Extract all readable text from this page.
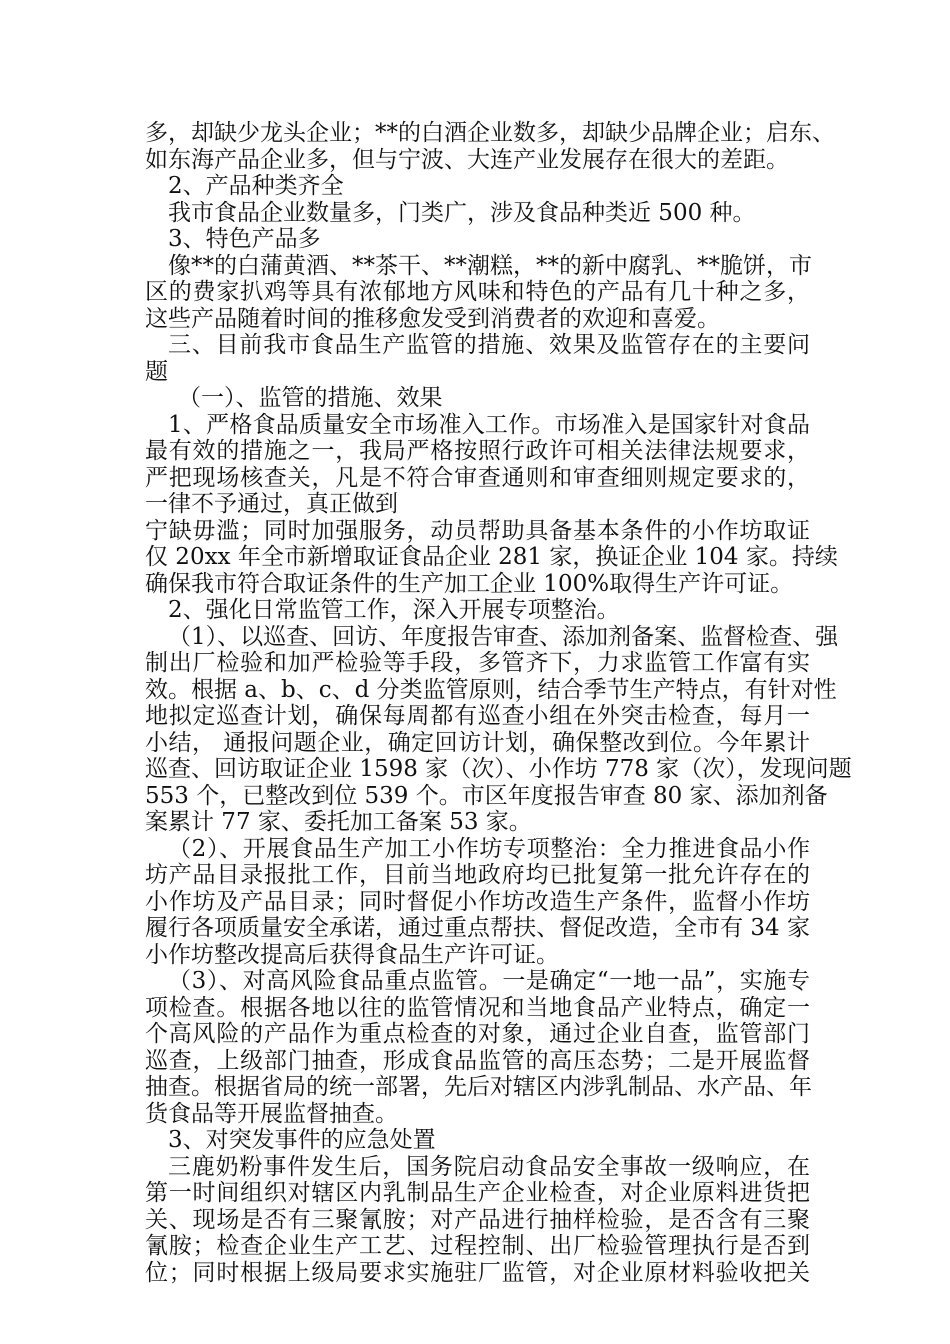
多，却缺少龙头企业；**的白酒企业数多，却缺少品牌企业；启东、
如东海产品企业多，但与宁波、大连产业发展存在很大的差距。
2、产品种类齐全
我市食品企业数量多，门类广，涉及食品种类近 500 种。
3、特色产品多
像**的白蒲黄酒、**茶干、**潮糕，**的新中腐乳、**脆饼，市
区的费家扒鸡等具有浓郁地方风味和特色的产品有几十种之多，
这些产品随着时间的推移愈发受到消费者的欢迎和喜爱。
三、目前我市食品生产监管的措施、效果及监管存在的主要问
题
（一）、监管的措施、效果
1、严格食品质量安全市场准入工作。市场准入是国家针对食品
最有效的措施之一，我局严格按照行政许可相关法律法规要求，
严把现场核查关，凡是不符合审查通则和审查细则规定要求的，
一律不予通过，真正做到
宁缺毋滥；同时加强服务，动员帮助具备基本条件的小作坊取证
仅 20xx 年全市新增取证食品企业 281 家，换证企业 104 家。持续
确保我市符合取证条件的生产加工企业 100%取得生产许可证。
2、强化日常监管工作，深入开展专项整治。
（1）、以巡查、回访、年度报告审查、添加剂备案、监督检查、强
制出厂检验和加严检验等手段，多管齐下，力求监管工作富有实
效。根据 a、b、c、d 分类监管原则，结合季节生产特点，有针对性
地拟定巡查计划，确保每周都有巡查小组在外突击检查，每月一
小结， 通报问题企业，确定回访计划，确保整改到位。今年累计
巡查、回访取证企业 1598 家（次）、小作坊 778 家（次），发现问题
553 个，已整改到位 539 个。市区年度报告审查 80 家、添加剂备
案累计 77 家、委托加工备案 53 家。
（2）、开展食品生产加工小作坊专项整治：全力推进食品小作
坊产品目录报批工作，目前当地政府均已批复第一批允许存在的
小作坊及产品目录；同时督促小作坊改造生产条件，监督小作坊
履行各项质量安全承诺，通过重点帮扶、督促改造，全市有 34 家
小作坊整改提高后获得食品生产许可证。
（3）、对高风险食品重点监管。一是确定“一地一品”，实施专
项检查。根据各地以往的监管情况和当地食品产业特点，确定一
个高风险的产品作为重点检查的对象，通过企业自查，监管部门
巡查，上级部门抽查，形成食品监管的高压态势；二是开展监督
抽查。根据省局的统一部署，先后对辖区内涉乳制品、水产品、年
货食品等开展监督抽查。
3、对突发事件的应急处置
三鹿奶粉事件发生后，国务院启动食品安全事故一级响应，在
第一时间组织对辖区内乳制品生产企业检查，对企业原料进货把
关、现场是否有三聚氰胺；对产品进行抽样检验，是否含有三聚
氰胺；检查企业生产工艺、过程控制、出厂检验管理执行是否到
位；同时根据上级局要求实施驻厂监管，对企业原材料验收把关
